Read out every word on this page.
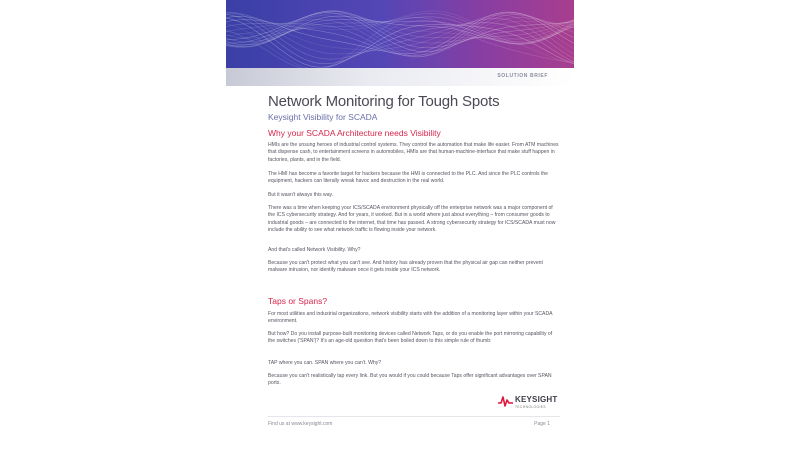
SOLUTION BRIEF
Network Monitoring for Tough Spots
Keysight Visibility for SCADA
Why your SCADA Architecture needs Visibility

HMIs are the unsung heroes of industrial control systems. They control the automation that make life easier. From ATM machines that dispense cash, to entertainment screens in automobiles, HMIs are that human-machine-interface that make stuff happen in factories, plants, and in the field.

The HMI has become a favorite target for hackers because the HMI is connected to the PLC. And since the PLC controls the equipment, hackers can literally wreak havoc and destruction in the real world.

But it wasn't always this way.

There was a time when keeping your ICS/SCADA environment physically off the enterprise network was a major component of the ICS cybersecurity strategy. And for years, it worked. But in a world where just about everything – from consumer goods to industrial goods – are connected to the internet, that time has passed. A strong cybersecurity strategy for ICS/SCADA must now include the ability to see what network traffic is flowing inside your network.

And that's called Network Visibility. Why?

Because you can't protect what you can't see. And history has already proven that the physical air gap can neither prevent malware intrusion, nor identify malware once it gets inside your ICS network.

Taps or Spans?

For most utilities and industrial organizations, network visibility starts with the addition of a monitoring layer within your SCADA environment.

But how? Do you install purpose-built monitoring devices called Network Taps, or do you enable the port mirroring capability of the switches ('SPAN')? It's an age-old question that's been boiled down to this simple rule of thumb:

TAP where you can. SPAN where you can't. Why?

Because you can't realistically tap every link. But you would if you could because Taps offer significant advantages over SPAN ports.

KEYSIGHT
TECHNOLOGIES
Find us at www.keysight.com	Page 1
